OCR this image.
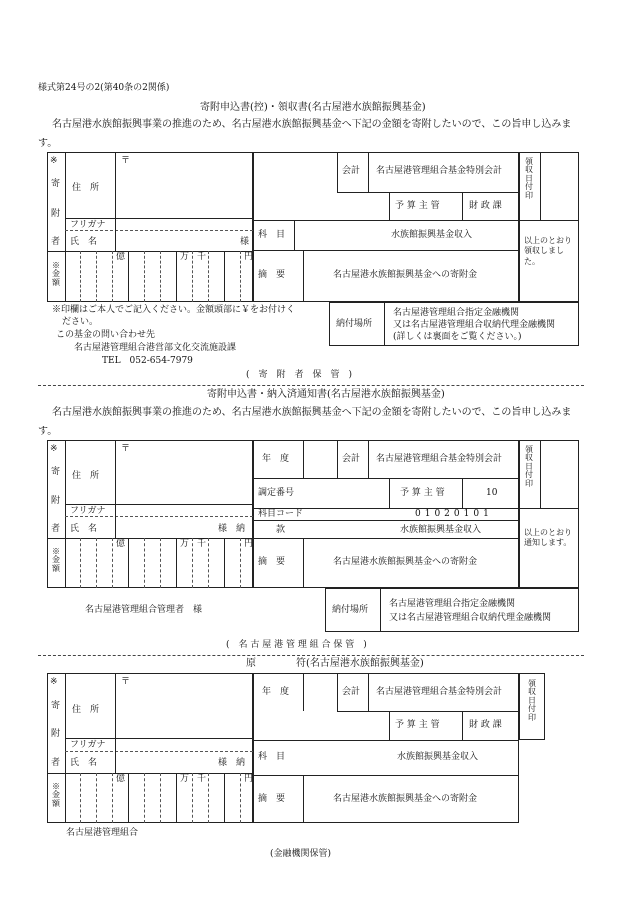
様式第24号の2(第40条の2関係)
寄附申込書(控)・領収書(名古屋港水族館振興基金)
名古屋港水族館振興事業の推進のため、名古屋港水族館振興基金へ下記の金額を寄附したいので、この旨申し込みま
す。
※
寄
附
者
住　所
〒
フリガナ
氏　名	様
※金額
億	万 千	円
会計 名古屋港管理組合基金特別会計
予 算 主 管	財 政 課
科　目	水族館振興基金収入
摘　要	名古屋港水族館振興基金への寄附金
領収日付印
以上のとおり領収しました。
納付場所
名古屋港管理組合指定金融機関
又は名古屋港管理組合収納代理金融機関
(詳しくは裏面をご覧ください。)
※印欄はご本人でご記入ください。金額頭部に￥をお付けく
ださい。
この基金の問い合わせ先
名古屋港管理組合港営部文化交流施設課
TEL　052-654-7979
(　寄　附　者　保　管　)
寄附申込書・納入済通知書(名古屋港水族館振興基金)
名古屋港水族館振興事業の推進のため、名古屋港水族館振興基金へ下記の金額を寄附したいので、この旨申し込みま
す。
※
寄
附
者
住　所
〒
フリガナ
氏　名	様　納
※金額
億	万 千	円
年　度	会計 名古屋港管理組合基金特別会計
調定番号	予 算 主 管	10
科目コード	01020101
款	水族館振興基金収入
摘　要	名古屋港水族館振興基金への寄附金
領収日付印
以上のとおり通知します。
納付場所
名古屋港管理組合指定金融機関
又は名古屋港管理組合収納代理金融機関
名古屋港管理組合管理者　様
(　名 古 屋 港 管 理 組 合 保 管　)
原　　　　符(名古屋港水族館振興基金)
※
寄
附
者
住　所
〒
フリガナ
氏　名	様　納
※金額
億	万 千	円
年　度	会計 名古屋港管理組合基金特別会計
予 算 主 管	財 政 課
科　目	水族館振興基金収入
摘　要	名古屋港水族館振興基金への寄附金
領収日付印
名古屋港管理組合
(金融機関保管)
